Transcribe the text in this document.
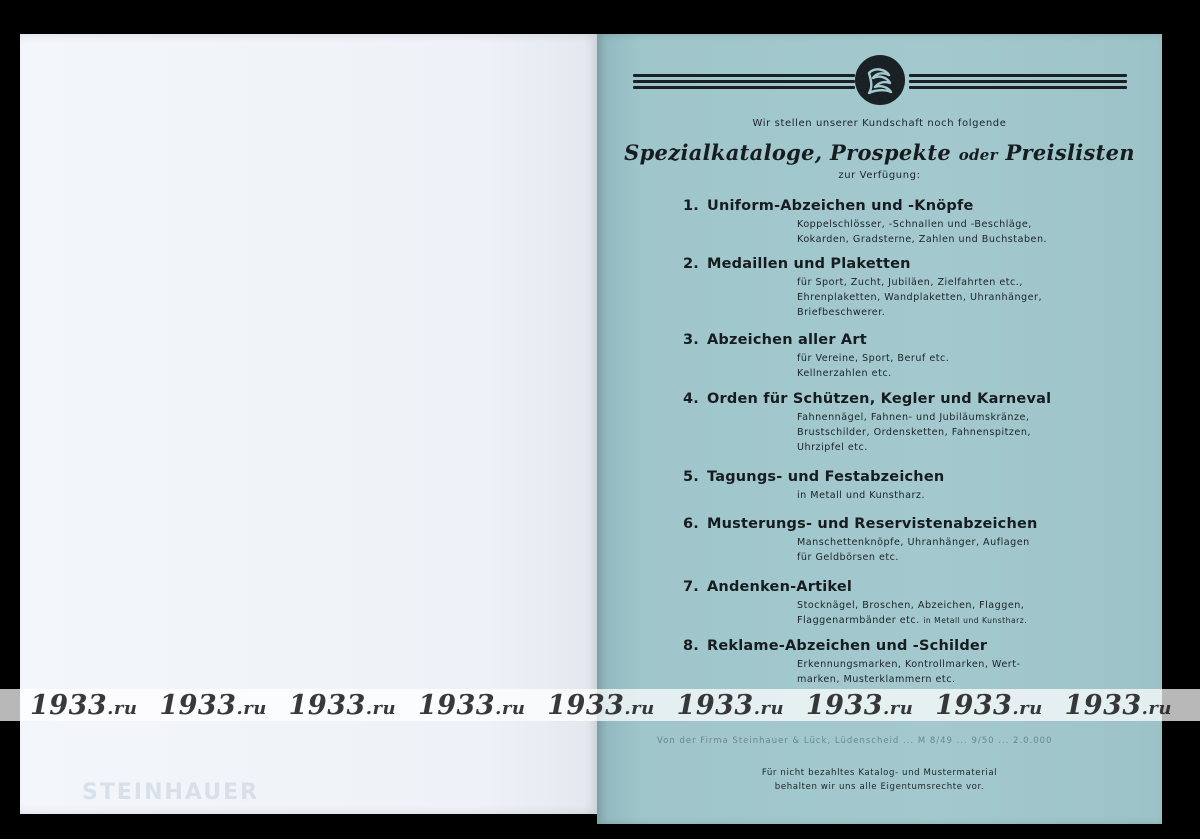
STEINHAUER
Wir stellen unserer Kundschaft noch folgende
Spezialkataloge, Prospekte oder Preislisten
zur Verfügung:
1. Uniform-Abzeichen und -Knöpfe
Koppelschlösser, -Schnallen und -Beschläge,
Kokarden, Gradsterne, Zahlen und Buchstaben.
2. Medaillen und Plaketten
für Sport, Zucht, Jubiläen, Zielfahrten etc.,
Ehrenplaketten, Wandplaketten, Uhranhänger,
Briefbeschwerer.
3. Abzeichen aller Art
für Vereine, Sport, Beruf etc.
Kellnerzahlen etc.
4. Orden für Schützen, Kegler und Karneval
Fahnennägel, Fahnen- und Jubiläumskränze,
Brustschilder, Ordensketten, Fahnenspitzen,
Uhrzipfel etc.
5. Tagungs- und Festabzeichen
in Metall und Kunstharz.
6. Musterungs- und Reservistenabzeichen
Manschettenknöpfe, Uhranhänger, Auflagen
für Geldbörsen etc.
7. Andenken-Artikel
Stocknägel, Broschen, Abzeichen, Flaggen,
Flaggenarmbänder etc. in Metall und Kunstharz.
8. Reklame-Abzeichen und -Schilder
Erkennungsmarken, Kontrollmarken, Wert-
marken, Musterklammern etc.
Von der Firma Steinhauer & Lück, Lüdenscheid ... M 8/49 ... 9/50 ... 2.0.000
Für nicht bezahltes Katalog- und Mustermaterial
behalten wir uns alle Eigentumsrechte vor.
1933.ru 1933.ru 1933.ru 1933.ru 1933.ru 1933.ru 1933.ru 1933.ru 1933.ru
